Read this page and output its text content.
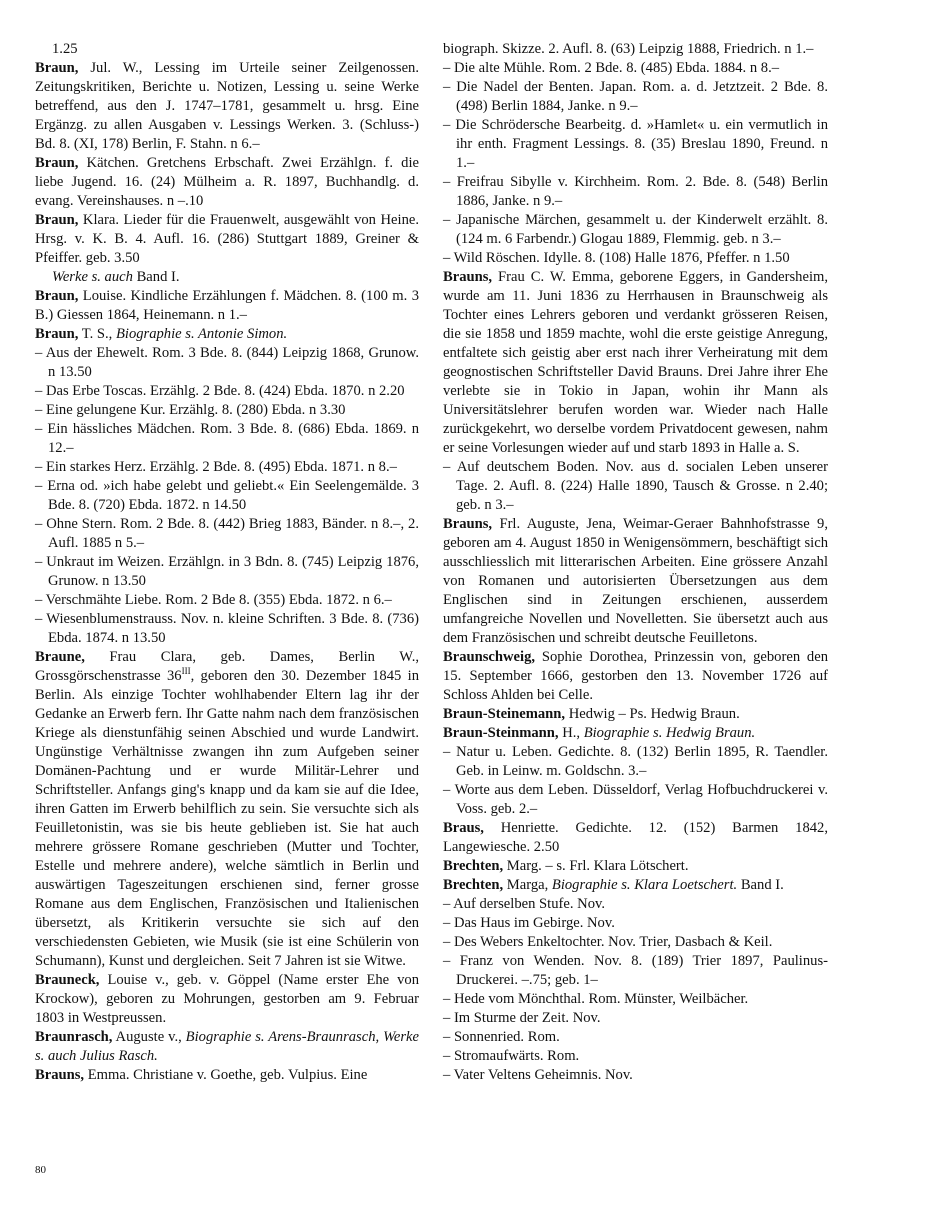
1.25
Braun, Jul. W., Lessing im Urteile seiner Zeilgenossen. Zeitungskritiken, Berichte u. Notizen, Lessing u. seine Werke betreffend, aus den J. 1747–1781, gesammelt u. hrsg. Eine Ergänzg. zu allen Ausgaben v. Lessings Werken. 3. (Schluss-) Bd. 8. (XI, 178) Berlin, F. Stahn. n 6.–
Braun, Kätchen. Gretchens Erbschaft. Zwei Erzählgn. f. die liebe Jugend. 16. (24) Mülheim a. R. 1897, Buchhandlg. d. evang. Vereinshauses. n –.10
Braun, Klara. Lieder für die Frauenwelt, ausgewählt von Heine. Hrsg. v. K. B. 4. Aufl. 16. (286) Stuttgart 1889, Greiner & Pfeiffer. geb. 3.50
Werke s. auch Band I.
Braun, Louise. Kindliche Erzählungen f. Mädchen. 8. (100 m. 3 B.) Giessen 1864, Heinemann. n 1.–
Braun, T. S., Biographie s. Antonie Simon.
– Aus der Ehewelt. Rom. 3 Bde. 8. (844) Leipzig 1868, Grunow. n 13.50
– Das Erbe Toscas. Erzählg. 2 Bde. 8. (424) Ebda. 1870. n 2.20
– Eine gelungene Kur. Erzählg. 8. (280) Ebda. n 3.30
– Ein hässliches Mädchen. Rom. 3 Bde. 8. (686) Ebda. 1869. n 12.–
– Ein starkes Herz. Erzählg. 2 Bde. 8. (495) Ebda. 1871. n 8.–
– Erna od. »ich habe gelebt und geliebt.« Ein Seelengemälde. 3 Bde. 8. (720) Ebda. 1872. n 14.50
– Ohne Stern. Rom. 2 Bde. 8. (442) Brieg 1883, Bänder. n 8.–, 2. Aufl. 1885 n 5.–
– Unkraut im Weizen. Erzählgn. in 3 Bdn. 8. (745) Leipzig 1876, Grunow. n 13.50
– Verschmähte Liebe. Rom. 2 Bde 8. (355) Ebda. 1872. n 6.–
– Wiesenblumenstrauss. Nov. n. kleine Schriften. 3 Bde. 8. (736) Ebda. 1874. n 13.50
Braune, Frau Clara, geb. Dames, Berlin W., Grossgörschenstrasse $36^{III}$, geboren den 30. Dezember 1845 in Berlin. Als einzige Tochter wohlhabender Eltern lag ihr der Gedanke an Erwerb fern. Ihr Gatte nahm nach dem französischen Kriege als dienstunfähig seinen Abschied und wurde Landwirt. Ungünstige Verhältnisse zwangen ihn zum Aufgeben seiner Domänen-Pachtung und er wurde Militär-Lehrer und Schriftsteller. Anfangs ging's knapp und da kam sie auf die Idee, ihren Gatten im Erwerb behilflich zu sein. Sie versuchte sich als Feuilletonistin, was sie bis heute geblieben ist. Sie hat auch mehrere grössere Romane geschrieben (Mutter und Tochter, Estelle und mehrere andere), welche sämtlich in Berlin und auswärtigen Tageszeitungen erschienen sind, ferner grosse Romane aus dem Englischen, Französischen und Italienischen übersetzt, als Kritikerin versuchte sie sich auf den verschiedensten Gebieten, wie Musik (sie ist eine Schülerin von Schumann), Kunst und dergleichen. Seit 7 Jahren ist sie Witwe.
Brauneck, Louise v., geb. v. Göppel (Name erster Ehe von Krockow), geboren zu Mohrungen, gestorben am 9. Februar 1803 in Westpreussen.
Braunrasch, Auguste v., Biographie s. Arens-Braunrasch, Werke s. auch Julius Rasch.
Brauns, Emma. Christiane v. Goethe, geb. Vulpius. Eine
biograph. Skizze. 2. Aufl. 8. (63) Leipzig 1888, Friedrich. n 1.–
– Die alte Mühle. Rom. 2 Bde. 8. (485) Ebda. 1884. n 8.–
– Die Nadel der Benten. Japan. Rom. a. d. Jetztzeit. 2 Bde. 8. (498) Berlin 1884, Janke. n 9.–
– Die Schrödersche Bearbeitg. d. »Hamlet« u. ein vermutlich in ihr enth. Fragment Lessings. 8. (35) Breslau 1890, Freund. n 1.–
– Freifrau Sibylle v. Kirchheim. Rom. 2. Bde. 8. (548) Berlin 1886, Janke. n 9.–
– Japanische Märchen, gesammelt u. der Kinderwelt erzählt. 8. (124 m. 6 Farbendr.) Glogau 1889, Flemmig. geb. n 3.–
– Wild Röschen. Idylle. 8. (108) Halle 1876, Pfeffer. n 1.50
Brauns, Frau C. W. Emma, geborene Eggers, in Gandersheim, wurde am 11. Juni 1836 zu Herrhausen in Braunschweig als Tochter eines Lehrers geboren und verdankt grösseren Reisen, die sie 1858 und 1859 machte, wohl die erste geistige Anregung, entfaltete sich geistig aber erst nach ihrer Verheiratung mit dem geognostischen Schriftsteller David Brauns. Drei Jahre ihrer Ehe verlebte sie in Tokio in Japan, wohin ihr Mann als Universitätslehrer berufen worden war. Wieder nach Halle zurückgekehrt, wo derselbe vordem Privatdocent gewesen, nahm er seine Vorlesungen wieder auf und starb 1893 in Halle a. S.
– Auf deutschem Boden. Nov. aus d. socialen Leben unserer Tage. 2. Aufl. 8. (224) Halle 1890, Tausch & Grosse. n 2.40; geb. n 3.–
Brauns, Frl. Auguste, Jena, Weimar-Geraer Bahnhofstrasse 9, geboren am 4. August 1850 in Wenigensömmern, beschäftigt sich ausschliesslich mit litterarischen Arbeiten. Eine grössere Anzahl von Romanen und autorisierten Übersetzungen aus dem Englischen sind in Zeitungen erschienen, ausserdem umfangreiche Novellen und Novelletten. Sie übersetzt auch aus dem Französischen und schreibt deutsche Feuilletons.
Braunschweig, Sophie Dorothea, Prinzessin von, geboren den 15. September 1666, gestorben den 13. November 1726 auf Schloss Ahlden bei Celle.
Braun-Steinemann, Hedwig – Ps. Hedwig Braun.
Braun-Steinmann, H., Biographie s. Hedwig Braun.
– Natur u. Leben. Gedichte. 8. (132) Berlin 1895, R. Taendler. Geb. in Leinw. m. Goldschn. 3.–
– Worte aus dem Leben. Düsseldorf, Verlag Hofbuchdruckerei v. Voss. geb. 2.–
Braus, Henriette. Gedichte. 12. (152) Barmen 1842, Langewiesche. 2.50
Brechten, Marg. – s. Frl. Klara Lötschert.
Brechten, Marga, Biographie s. Klara Loetschert. Band I.
– Auf derselben Stufe. Nov.
– Das Haus im Gebirge. Nov.
– Des Webers Enkeltochter. Nov. Trier, Dasbach & Keil.
– Franz von Wenden. Nov. 8. (189) Trier 1897, Paulinus-Druckerei. –.75; geb. 1–
– Hede vom Mönchthal. Rom. Münster, Weilbächer.
– Im Sturme der Zeit. Nov.
– Sonnenried. Rom.
– Stromaufwärts. Rom.
– Vater Veltens Geheimnis. Nov.
80
